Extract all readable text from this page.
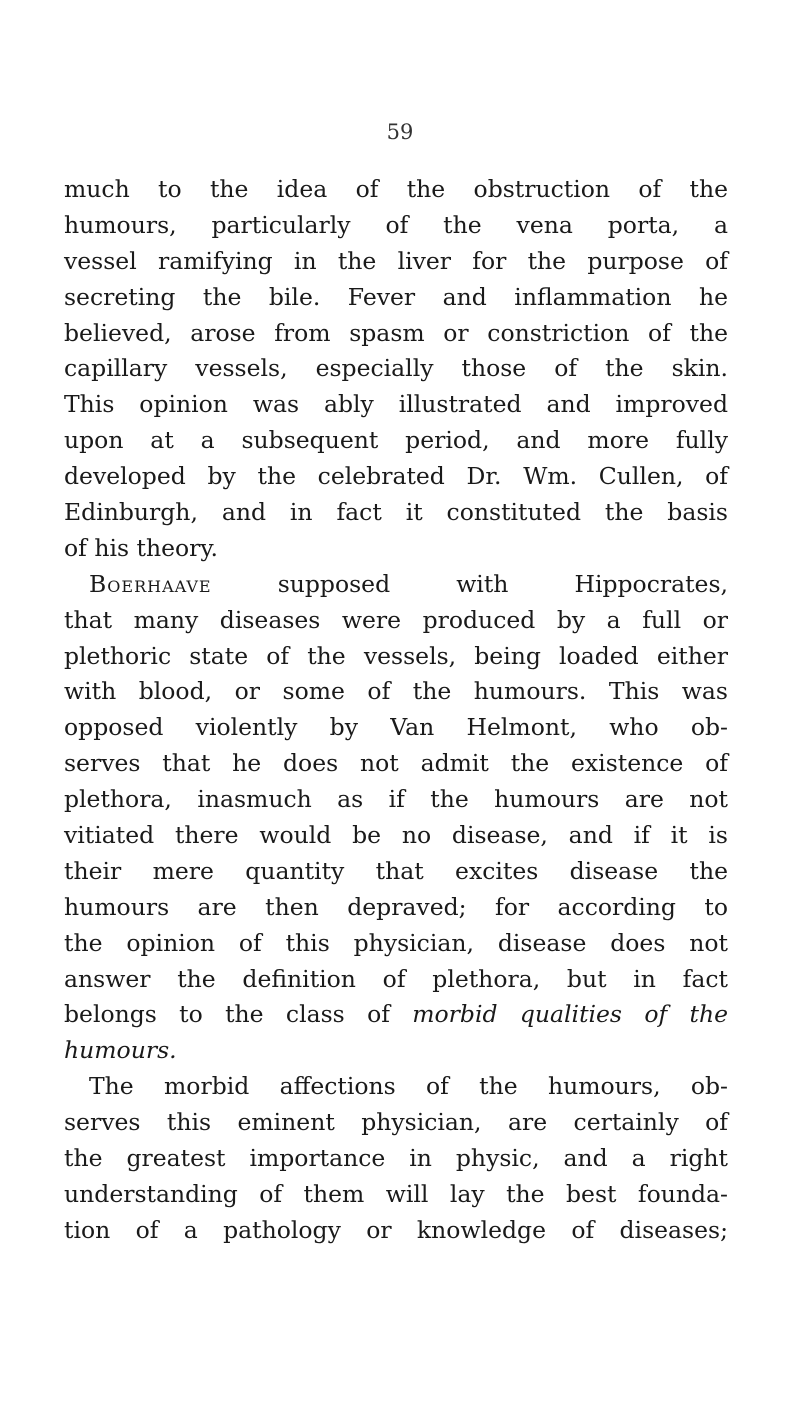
59
much to the idea of the obstruction of the
humours, particularly of the vena porta, a
vessel ramifying in the liver for the purpose of
secreting the bile. Fever and inflammation he
believed, arose from spasm or constriction of the
capillary vessels, especially those of the skin.
This opinion was ably illustrated and improved
upon at a subsequent period, and more fully
developed by the celebrated Dr. Wm. Cullen, of
Edinburgh, and in fact it constituted the basis
of his theory.
Boerhaave supposed with Hippocrates,
that many diseases were produced by a full or
plethoric state of the vessels, being loaded either
with blood, or some of the humours. This was
opposed violently by Van Helmont, who ob-
serves that he does not admit the existence of
plethora, inasmuch as if the humours are not
vitiated there would be no disease, and if it is
their mere quantity that excites disease the
humours are then depraved; for according to
the opinion of this physician, disease does not
answer the definition of plethora, but in fact
belongs to the class of morbid qualities of the
humours.
The morbid affections of the humours, ob-
serves this eminent physician, are certainly of
the greatest importance in physic, and a right
understanding of them will lay the best founda-
tion of a pathology or knowledge of diseases;
